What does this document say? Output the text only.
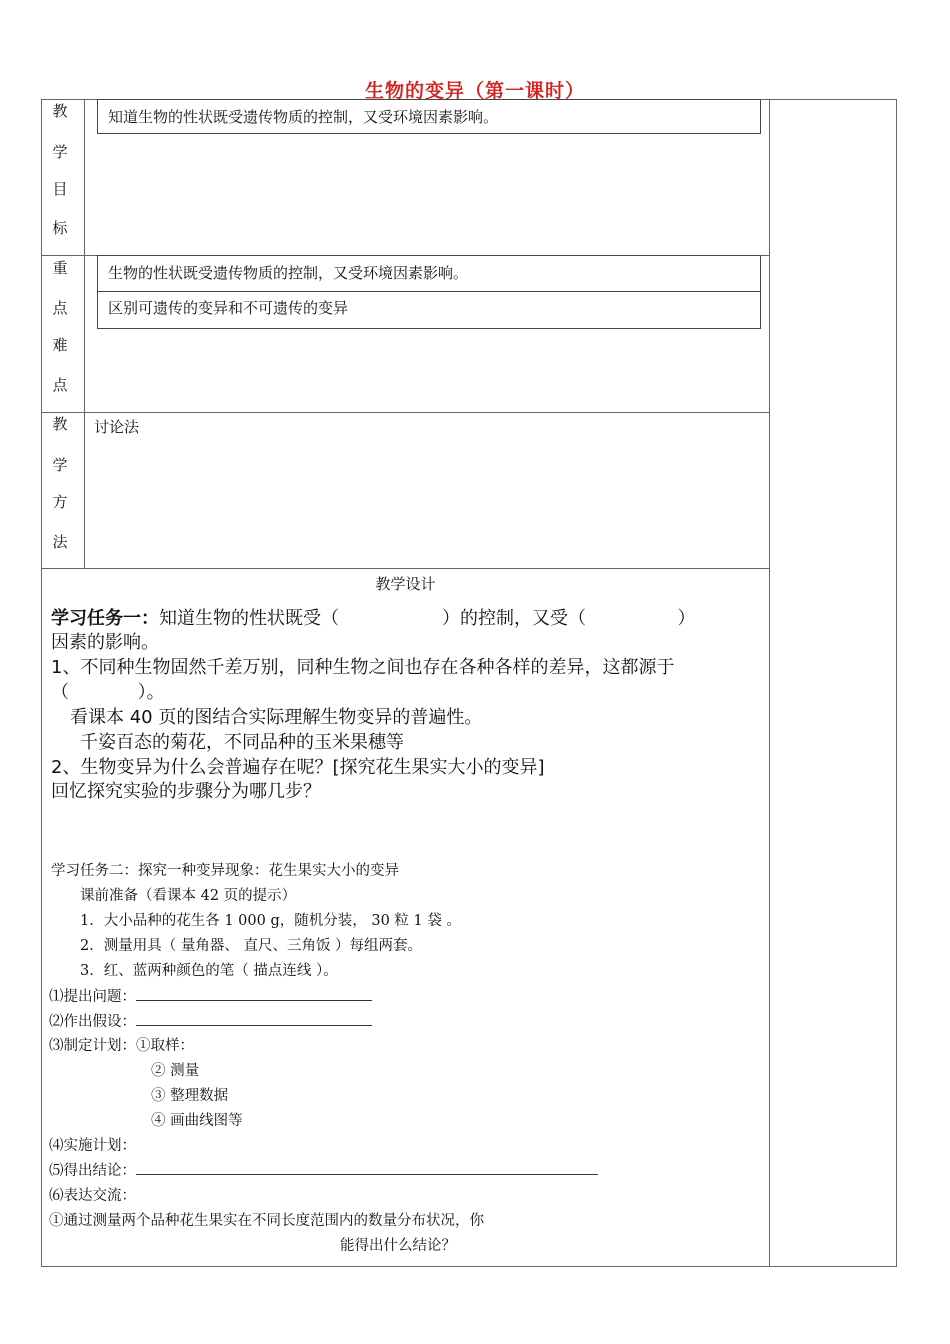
生物的变异（第一课时）
教
学
目
标
知道生物的性状既受遗传物质的控制，又受环境因素影响。
重
点
难
点
生物的性状既受遗传物质的控制，又受环境因素影响。
区别可遗传的变异和不可遗传的变异
教
学
方
法
讨论法
教学设计
学习任务一：知道生物的性状既受（                  ）的控制，又受（                ）
因素的影响。
1、不同种生物固然千差万别，同种生物之间也存在各种各样的差异，这都源于
（            ）。
看课本 40 页的图结合实际理解生物变异的普遍性。
千姿百态的菊花，不同品种的玉米果穗等
2、生物变异为什么会普遍存在呢？[探究花生果实大小的变异]
回忆探究实验的步骤分为哪几步？
学习任务二：探究一种变异现象：花生果实大小的变异
课前准备（看课本 42 页的提示）
1．大小品种的花生各 1 000 g，随机分装， 30 粒 1 袋 。
2．测量用具（ 量角器、 直尺、三角饭 ）每组两套。
3．红、蓝两种颜色的笔（ 描点连线 ）。
⑴提出问题：
⑵作出假设：
⑶制定计划：①取样：
② 测量
③ 整理数据
④ 画曲线图等
⑷实施计划：
⑸得出结论：
⑹表达交流：
①通过测量两个品种花生果实在不同长度范围内的数量分布状况，你
能得出什么结论？
